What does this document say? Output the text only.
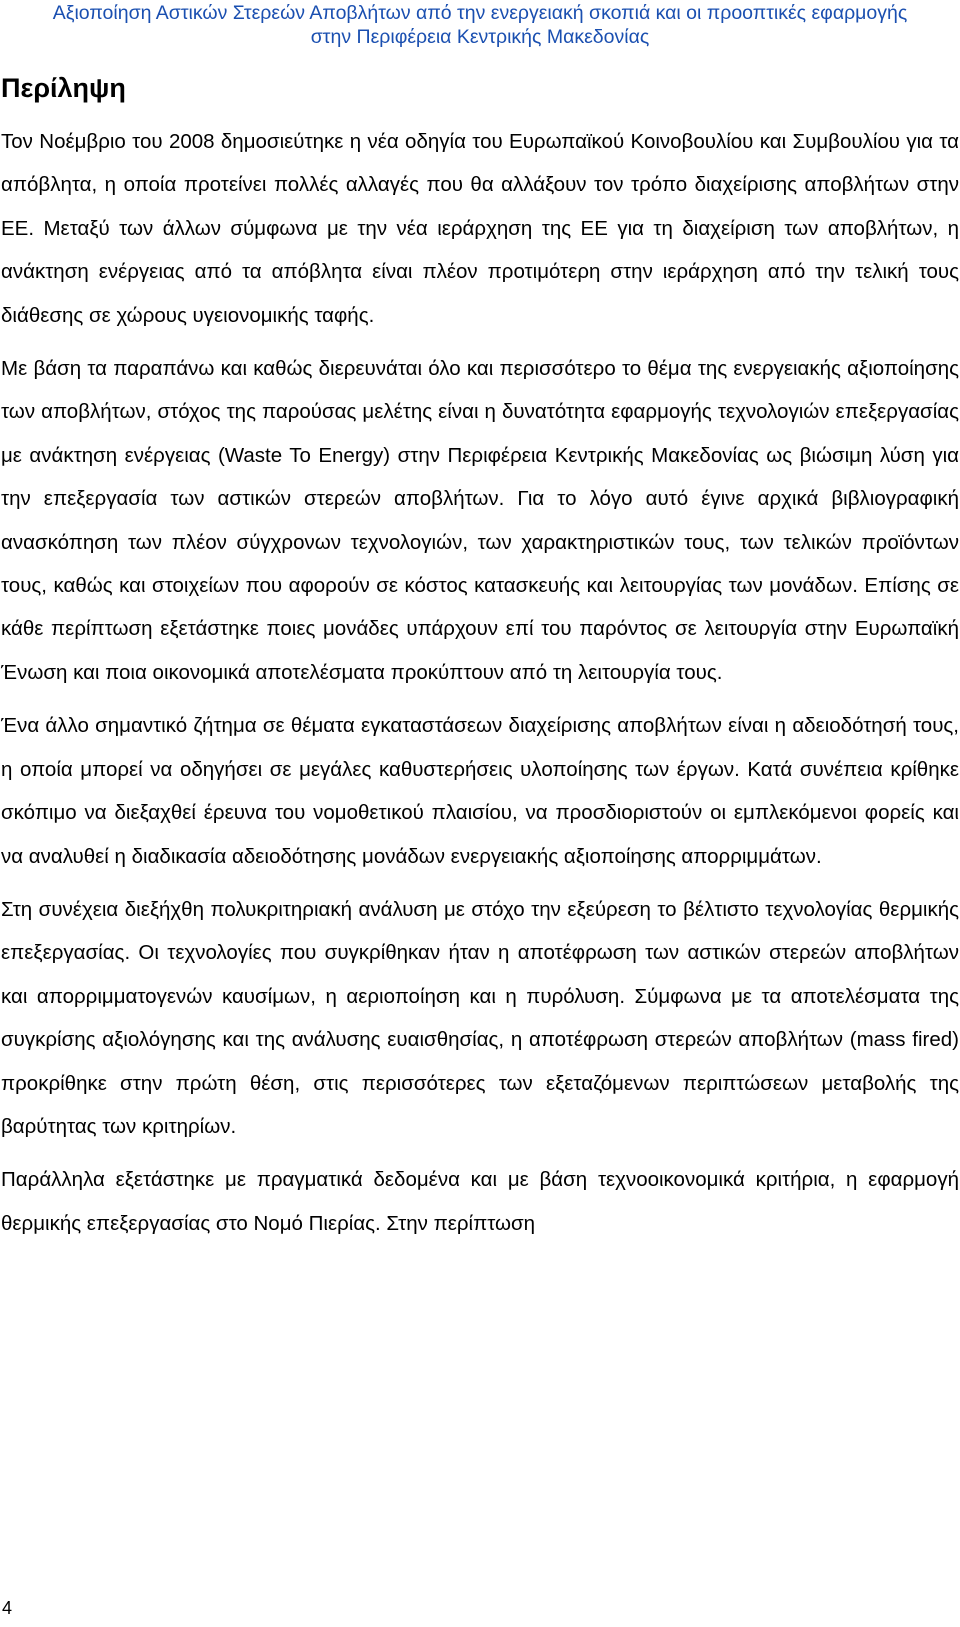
Αξιοποίηση Αστικών Στερεών Αποβλήτων από την ενεργειακή σκοπιά και οι προοπτικές εφαρμογής
στην Περιφέρεια Κεντρικής Μακεδονίας
Περίληψη

Τον Νοέμβριο του 2008 δημοσιεύτηκε η νέα οδηγία του Ευρωπαϊκού Κοινοβουλίου και Συμβουλίου για τα απόβλητα, η οποία προτείνει πολλές αλλαγές που θα αλλάξουν τον τρόπο διαχείρισης αποβλήτων στην ΕΕ. Μεταξύ των άλλων σύμφωνα με την νέα ιεράρχηση της ΕΕ για τη διαχείριση των αποβλήτων, η ανάκτηση ενέργειας από τα απόβλητα είναι πλέον προτιμότερη στην ιεράρχηση από την τελική τους διάθεσης σε χώρους υγειονομικής ταφής.

Με βάση τα παραπάνω και καθώς διερευνάται όλο και περισσότερο το θέμα της ενεργειακής αξιοποίησης των αποβλήτων, στόχος της παρούσας μελέτης είναι η δυνατότητα εφαρμογής τεχνολογιών επεξεργασίας με ανάκτηση ενέργειας (Waste To Energy) στην Περιφέρεια Κεντρικής Μακεδονίας ως βιώσιμη λύση για την επεξεργασία των αστικών στερεών αποβλήτων. Για το λόγο αυτό έγινε αρχικά βιβλιογραφική ανασκόπηση των πλέον σύγχρονων τεχνολογιών, των χαρακτηριστικών τους, των τελικών προϊόντων τους, καθώς και στοιχείων που αφορούν σε κόστος κατασκευής και λειτουργίας των μονάδων. Επίσης σε κάθε περίπτωση εξετάστηκε ποιες μονάδες υπάρχουν επί του παρόντος σε λειτουργία στην Ευρωπαϊκή Ένωση και ποια οικονομικά αποτελέσματα προκύπτουν από τη λειτουργία τους.

Ένα άλλο σημαντικό ζήτημα σε θέματα εγκαταστάσεων διαχείρισης αποβλήτων είναι η αδειοδότησή τους, η οποία μπορεί να οδηγήσει σε μεγάλες καθυστερήσεις υλοποίησης των έργων. Κατά συνέπεια κρίθηκε σκόπιμο να διεξαχθεί έρευνα του νομοθετικού πλαισίου, να προσδιοριστούν οι εμπλεκόμενοι φορείς και να αναλυθεί η διαδικασία αδειοδότησης μονάδων ενεργειακής αξιοποίησης απορριμμάτων.

Στη συνέχεια διεξήχθη πολυκριτηριακή ανάλυση με στόχο την εξεύρεση το βέλτιστο τεχνολογίας θερμικής επεξεργασίας. Οι τεχνολογίες που συγκρίθηκαν ήταν η αποτέφρωση των αστικών στερεών αποβλήτων και απορριμματογενών καυσίμων, η αεριοποίηση και η πυρόλυση. Σύμφωνα με τα αποτελέσματα της συγκρίσης αξιολόγησης και της ανάλυσης ευαισθησίας, η αποτέφρωση στερεών αποβλήτων (mass fired) προκρίθηκε στην πρώτη θέση, στις περισσότερες των εξεταζόμενων περιπτώσεων μεταβολής της βαρύτητας των κριτηρίων.

Παράλληλα εξετάστηκε με πραγματικά δεδομένα και με βάση τεχνοοικονομικά κριτήρια, η εφαρμογή θερμικής επεξεργασίας στο Νομό Πιερίας. Στην περίπτωση

4
